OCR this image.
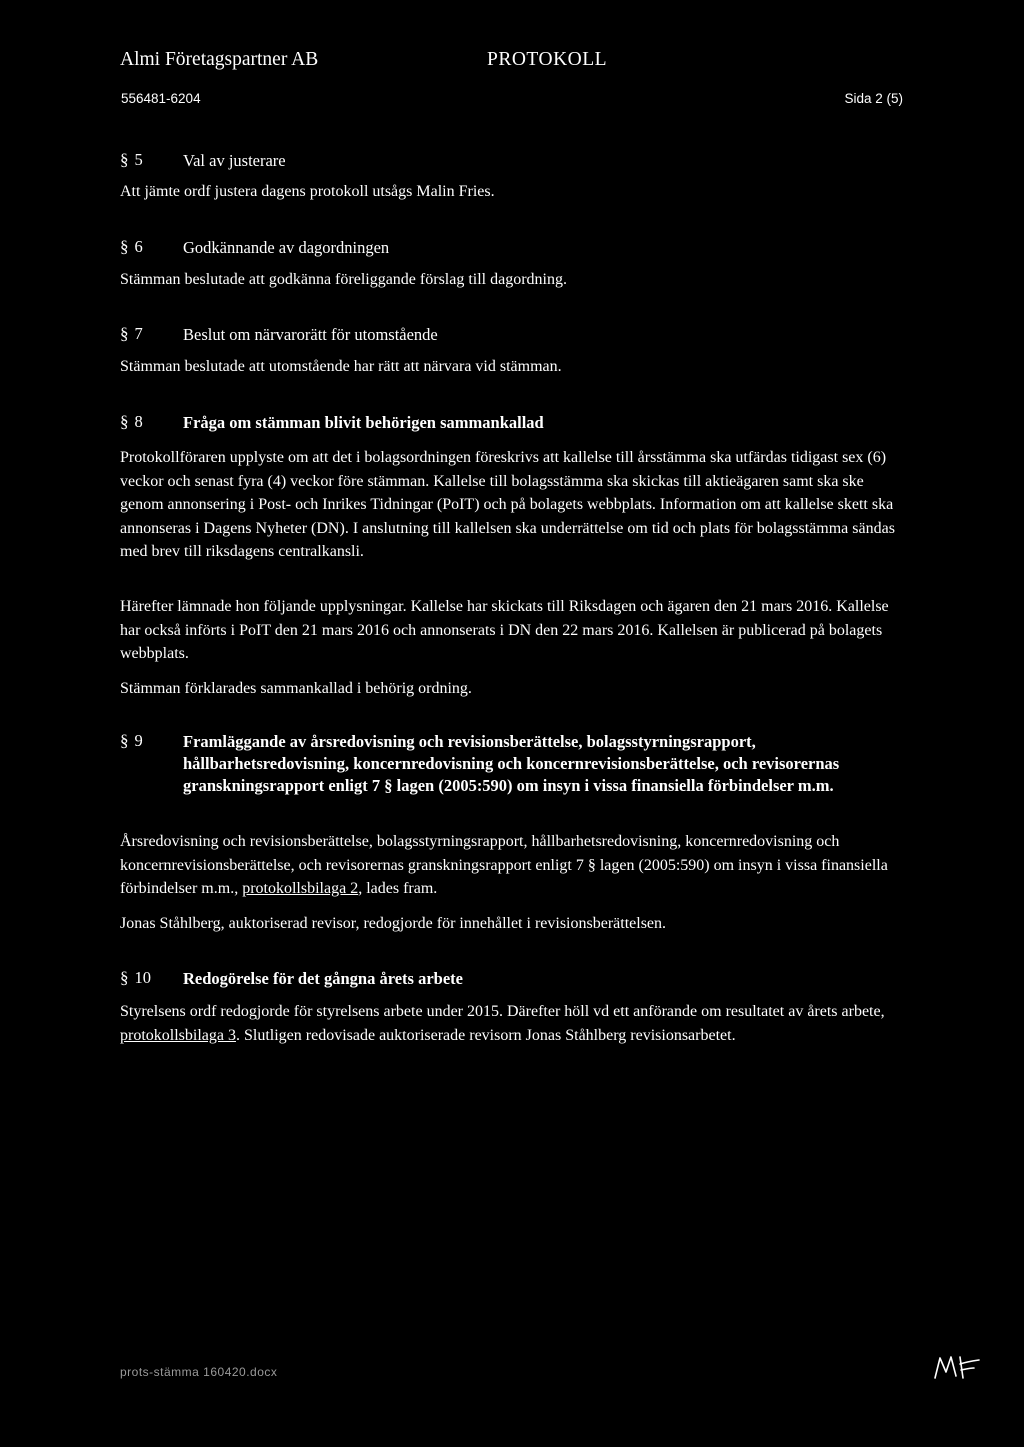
Almi Företagspartner AB	PROTOKOLL
556481-6204	Sida 2 (5)
§ 5 Val av justerare
Att jämte ordf justera dagens protokoll utsågs Malin Fries.
§ 6 Godkännande av dagordningen
Stämman beslutade att godkänna föreliggande förslag till dagordning.
§ 7 Beslut om närvarorätt för utomstående
Stämman beslutade att utomstående har rätt att närvara vid stämman.
§ 8 Fråga om stämman blivit behörigen sammankallad
Protokollföraren upplyste om att det i bolagsordningen föreskrivs att kallelse till årsstämma ska utfärdas tidigast sex (6) veckor och senast fyra (4) veckor före stämman. Kallelse till bolagsstämma ska skickas till aktieägaren samt ska ske genom annonsering i Post- och Inrikes Tidningar (PoIT) och på bolagets webbplats. Information om att kallelse skett ska annonseras i Dagens Nyheter (DN). I anslutning till kallelsen ska underrättelse om tid och plats för bolagsstämma sändas med brev till riksdagens centralkansli.
Härefter lämnade hon följande upplysningar. Kallelse har skickats till Riksdagen och ägaren den 21 mars 2016. Kallelse har också införts i PoIT den 21 mars 2016 och annonserats i DN den 22 mars 2016. Kallelsen är publicerad på bolagets webbplats.
Stämman förklarades sammankallad i behörig ordning.
§ 9 Framläggande av årsredovisning och revisionsberättelse, bolagsstyrningsrapport, hållbarhetsredovisning, koncernredovisning och koncernrevisionsberättelse, och revisorernas granskningsrapport enligt 7 § lagen (2005:590) om insyn i vissa finansiella förbindelser m.m.
Årsredovisning och revisionsberättelse, bolagsstyrningsrapport, hållbarhetsredovisning, koncernredovisning och koncernrevisionsberättelse, och revisorernas granskningsrapport enligt 7 § lagen (2005:590) om insyn i vissa finansiella förbindelser m.m., protokollsbilaga 2, lades fram.
Jonas Ståhlberg, auktoriserad revisor, redogjorde för innehållet i revisionsberättelsen.
§ 10 Redogörelse för det gångna årets arbete
Styrelsens ordf redogjorde för styrelsens arbete under 2015. Därefter höll vd ett anförande om resultatet av årets arbete, protokollsbilaga 3. Slutligen redovisade auktoriserade revisorn Jonas Ståhlberg revisionsarbetet.
prots-stämma 160420.docx
